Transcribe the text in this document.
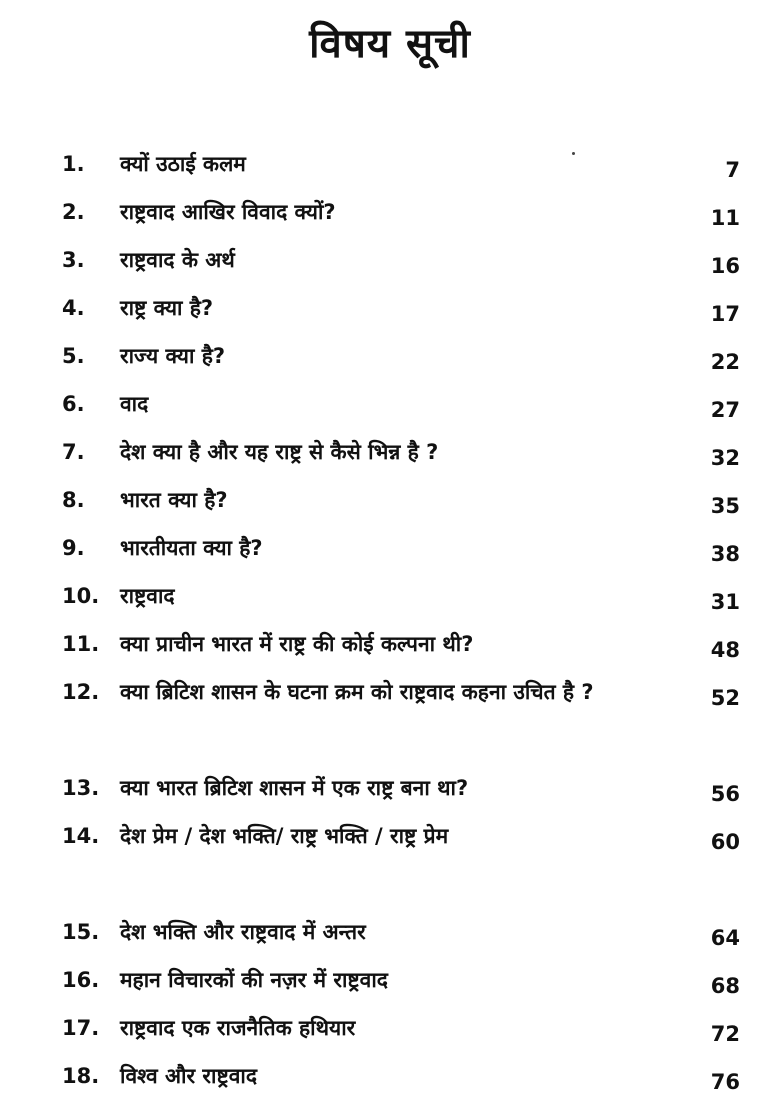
विषय सूची
1.	क्यों उठाई कलम	7
2.	राष्ट्रवाद आखिर विवाद क्यों?	11
3.	राष्ट्रवाद के अर्थ	16
4.	राष्ट्र क्या है?	17
5.	राज्य क्या है?	22
6.	वाद	27
7.	देश क्या है और यह राष्ट्र से कैसे भिन्न है ?	32
8.	भारत क्या है?	35
9.	भारतीयता क्या है?	38
10. राष्ट्रवाद	31
11. क्या प्राचीन भारत में राष्ट्र की कोई कल्पना थी?	48
12. क्या ब्रिटिश शासन के घटना क्रम को राष्ट्रवाद कहना उचित है ?	52
13. क्या भारत ब्रिटिश शासन में एक राष्ट्र बना था?	56
14. देश प्रेम / देश भक्ति/ राष्ट्र भक्ति / राष्ट्र प्रेम	60
15. देश भक्ति और राष्ट्रवाद में अन्तर	64
16. महान विचारकों की नज़र में राष्ट्रवाद	68
17. राष्ट्रवाद एक राजनैतिक हथियार	72
18. विश्व और राष्ट्रवाद	76
